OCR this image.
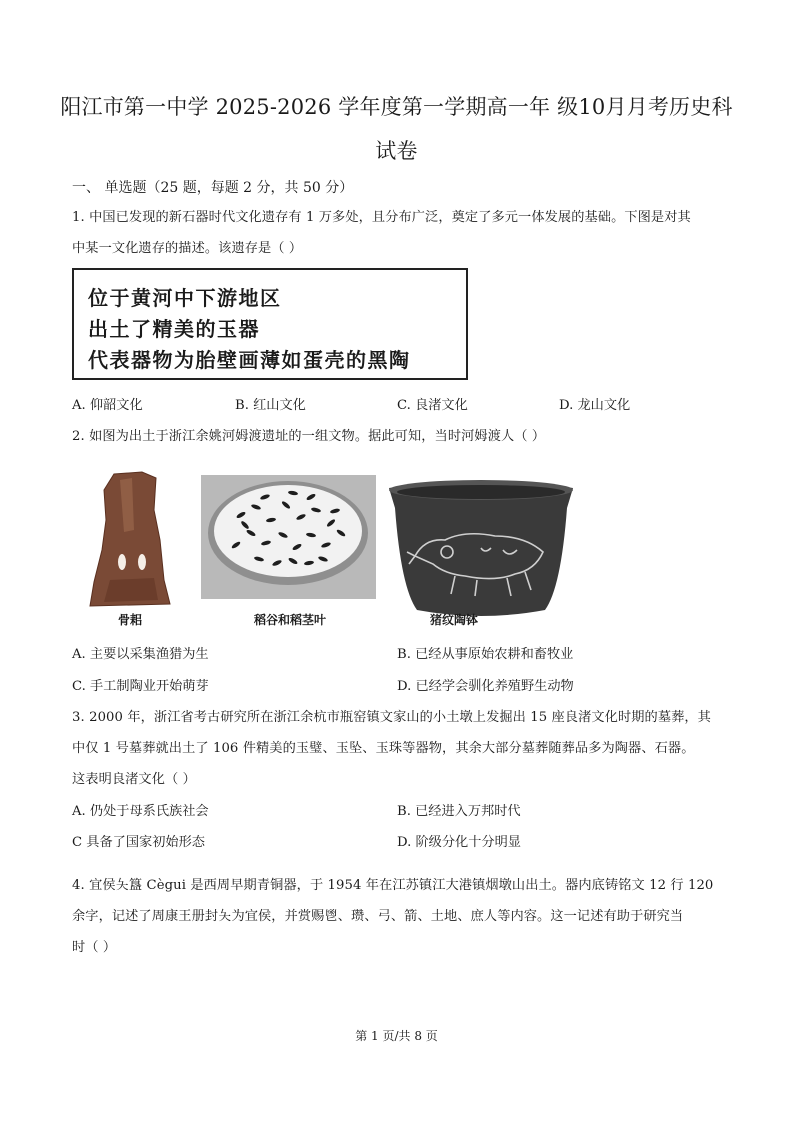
阳江市第一中学 2025-2026 学年度第一学期高一年 级10月月考历史科
试卷
一、 单选题（25 题，每题 2 分，共 50 分）
1. 中国已发现的新石器时代文化遗存有 1 万多处，且分布广泛，奠定了多元一体发展的基础。下图是对其
中某一文化遗存的描述。该遗存是（ ）
位于黄河中下游地区
出土了精美的玉器
代表器物为胎壁画薄如蛋壳的黑陶
A. 仰韶文化	B. 红山文化	C. 良渚文化	D. 龙山文化
2. 如图为出土于浙江余姚河姆渡遗址的一组文物。据此可知，当时河姆渡人（ ）
骨耜	稻谷和稻茎叶	猪纹陶钵
A. 主要以采集渔猎为生	B. 已经从事原始农耕和畜牧业
C. 手工制陶业开始萌芽	D. 已经学会驯化养殖野生动物
3. 2000 年，浙江省考古研究所在浙江余杭市瓶窑镇文家山的小土墩上发掘出 15 座良渚文化时期的墓葬，其
中仅 1 号墓葬就出土了 106 件精美的玉璧、玉坠、玉珠等器物，其余大部分墓葬随葬品多为陶器、石器。
这表明良渚文化（ ）
A. 仍处于母系氏族社会	B. 已经进入万邦时代
C 具备了国家初始形态	D. 阶级分化十分明显
4. 宜侯夨簋 Cègui 是西周早期青铜器，于 1954 年在江苏镇江大港镇烟墩山出土。器内底铸铭文 12 行 120
余字，记述了周康王册封夨为宜侯，并赏赐鬯、瓒、弓、箭、土地、庶人等内容。这一记述有助于研究当
时（ ）
第 1 页/共 8 页
